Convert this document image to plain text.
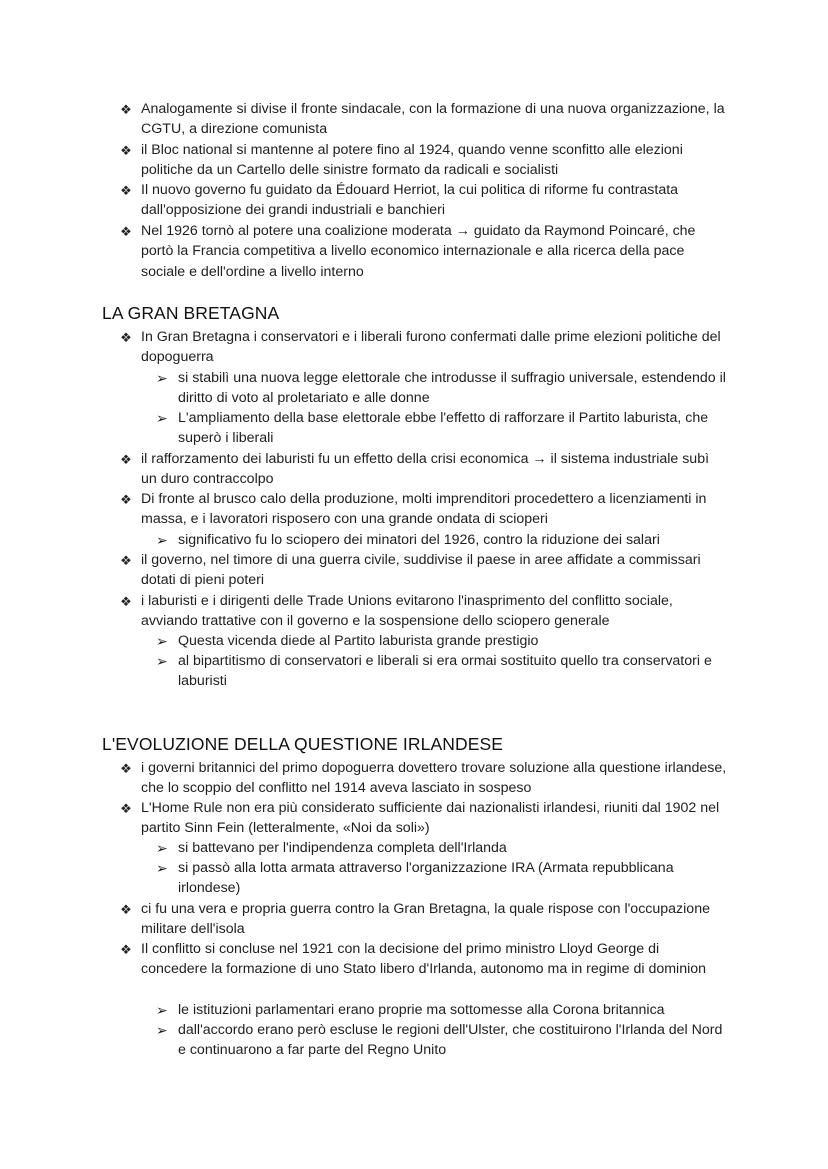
❖ Analogamente si divise il fronte sindacale, con la formazione di una nuova organizzazione, la CGTU, a direzione comunista
❖ il Bloc national si mantenne al potere fino al 1924, quando venne sconfitto alle elezioni politiche da un Cartello delle sinistre formato da radicali e socialisti
❖ Il nuovo governo fu guidato da Édouard Herriot, la cui politica di riforme fu contrastata dall'opposizione dei grandi industriali e banchieri
❖ Nel 1926 tornò al potere una coalizione moderata → guidato da Raymond Poincaré, che portò la Francia competitiva a livello economico internazionale e alla ricerca della pace sociale e dell'ordine a livello interno
LA GRAN BRETAGNA
❖ In Gran Bretagna i conservatori e i liberali furono confermati dalle prime elezioni politiche del dopoguerra
➢ si stabilì una nuova legge elettorale che introdusse il suffragio universale, estendendo il diritto di voto al proletariato e alle donne
➢ L'ampliamento della base elettorale ebbe l'effetto di rafforzare il Partito laburista, che superò i liberali
❖ il rafforzamento dei laburisti fu un effetto della crisi economica → il sistema industriale subì un duro contraccolpo
❖ Di fronte al brusco calo della produzione, molti imprenditori procedettero a licenziamenti in massa, e i lavoratori risposero con una grande ondata di scioperi
➢ significativo fu lo sciopero dei minatori del 1926, contro la riduzione dei salari
❖ il governo, nel timore di una guerra civile, suddivise il paese in aree affidate a commissari dotati di pieni poteri
❖ i laburisti e i dirigenti delle Trade Unions evitarono l'inasprimento del conflitto sociale, avviando trattative con il governo e la sospensione dello sciopero generale
➢ Questa vicenda diede al Partito laburista grande prestigio
➢ al bipartitismo di conservatori e liberali si era ormai sostituito quello tra conservatori e laburisti
L'EVOLUZIONE DELLA QUESTIONE IRLANDESE
❖ i governi britannici del primo dopoguerra dovettero trovare soluzione alla questione irlandese, che lo scoppio del conflitto nel 1914 aveva lasciato in sospeso
❖ L'Home Rule non era più considerato sufficiente dai nazionalisti irlandesi, riuniti dal 1902 nel partito Sinn Fein (letteralmente, «Noi da soli»)
➢ si battevano per l'indipendenza completa dell'Irlanda
➢ si passò alla lotta armata attraverso l'organizzazione IRA (Armata repubblicana irlondese)
❖ ci fu una vera e propria guerra contro la Gran Bretagna, la quale rispose con l'occupazione militare dell'isola
❖ Il conflitto si concluse nel 1921 con la decisione del primo ministro Lloyd George di concedere la formazione di uno Stato libero d'Irlanda, autonomo ma in regime di dominion
➢ le istituzioni parlamentari erano proprie ma sottomesse alla Corona britannica
➢ dall'accordo erano però escluse le regioni dell'Ulster, che costituirono l'Irlanda del Nord e continuarono a far parte del Regno Unito
